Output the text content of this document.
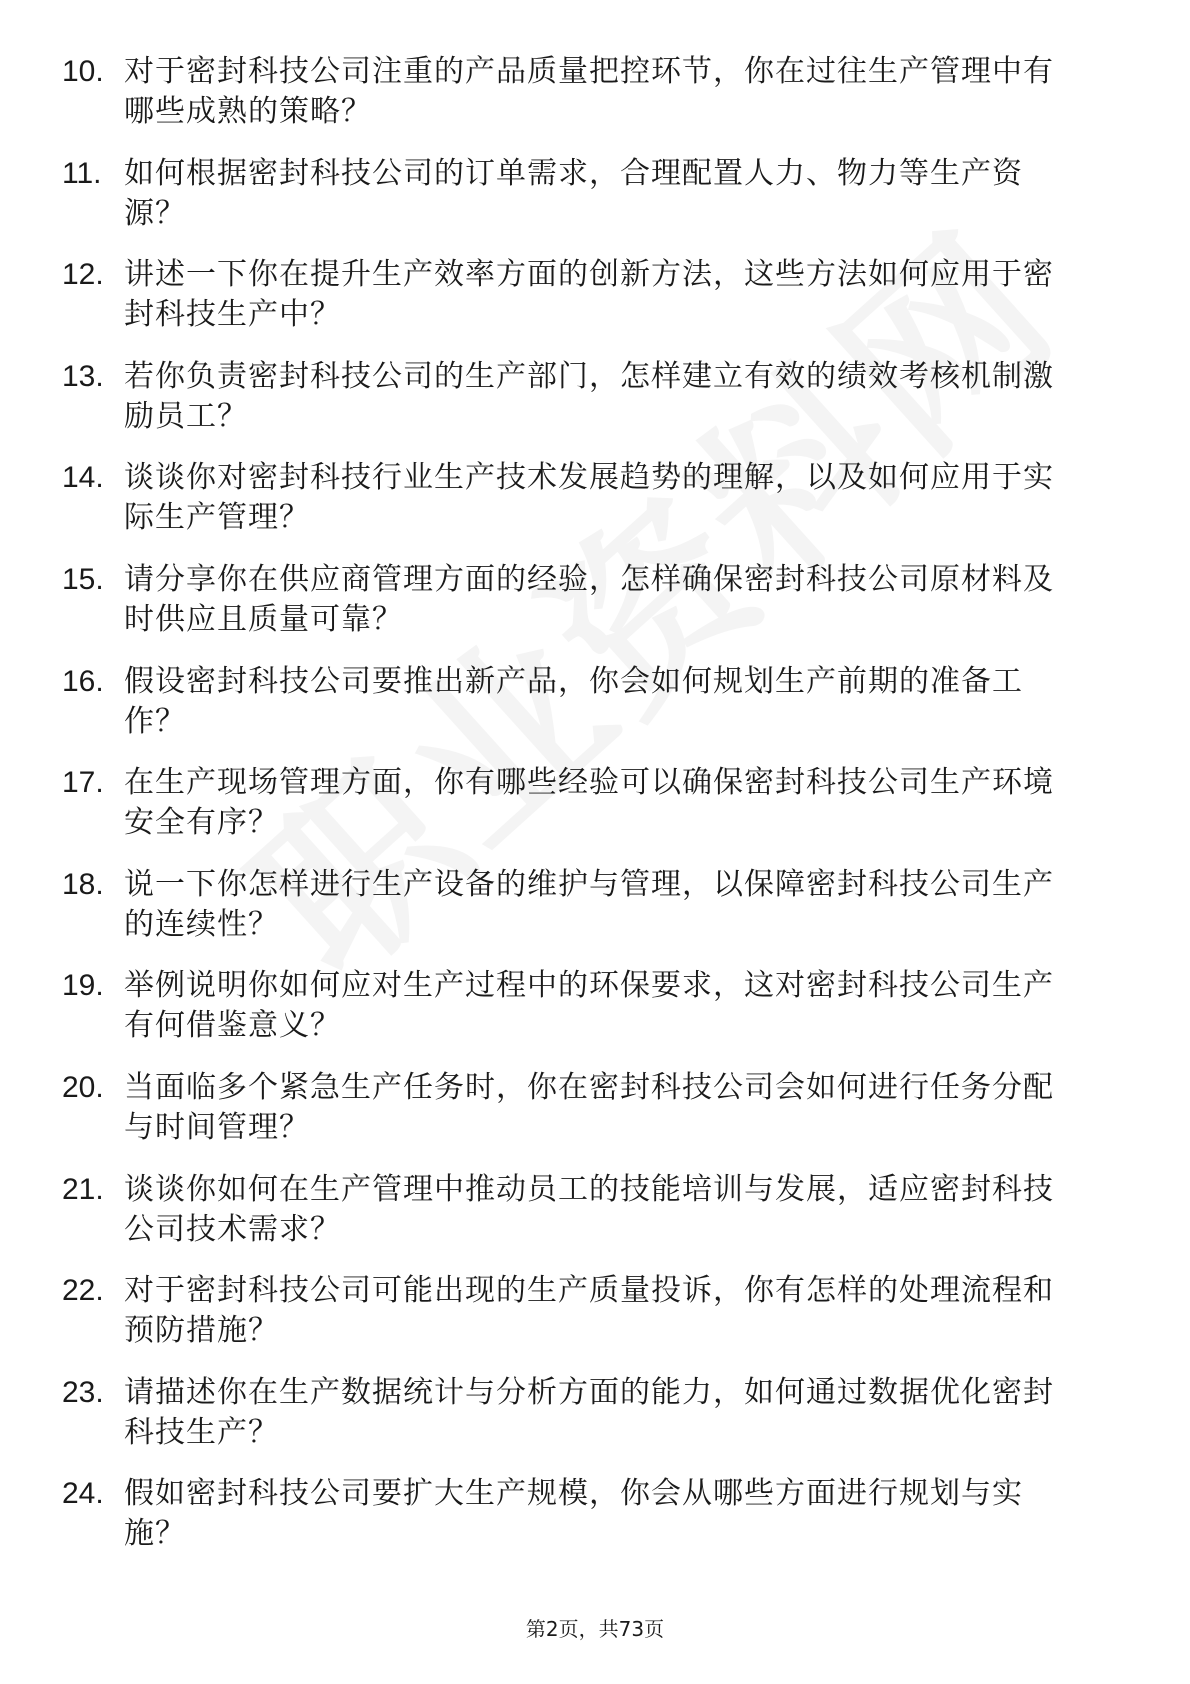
10. 对于密封科技公司注重的产品质量把控环节，你在过往生产管理中有哪些成熟的策略？
11. 如何根据密封科技公司的订单需求，合理配置人力、物力等生产资源？
12. 讲述一下你在提升生产效率方面的创新方法，这些方法如何应用于密封科技生产中？
13. 若你负责密封科技公司的生产部门，怎样建立有效的绩效考核机制激励员工？
14. 谈谈你对密封科技行业生产技术发展趋势的理解，以及如何应用于实际生产管理？
15. 请分享你在供应商管理方面的经验，怎样确保密封科技公司原材料及时供应且质量可靠？
16. 假设密封科技公司要推出新产品，你会如何规划生产前期的准备工作？
17. 在生产现场管理方面，你有哪些经验可以确保密封科技公司生产环境安全有序？
18. 说一下你怎样进行生产设备的维护与管理，以保障密封科技公司生产的连续性？
19. 举例说明你如何应对生产过程中的环保要求，这对密封科技公司生产有何借鉴意义？
20. 当面临多个紧急生产任务时，你在密封科技公司会如何进行任务分配与时间管理？
21. 谈谈你如何在生产管理中推动员工的技能培训与发展，适应密封科技公司技术需求？
22. 对于密封科技公司可能出现的生产质量投诉，你有怎样的处理流程和预防措施？
23. 请描述你在生产数据统计与分析方面的能力，如何通过数据优化密封科技生产？
24. 假如密封科技公司要扩大生产规模，你会从哪些方面进行规划与实施？
第2页，共73页
